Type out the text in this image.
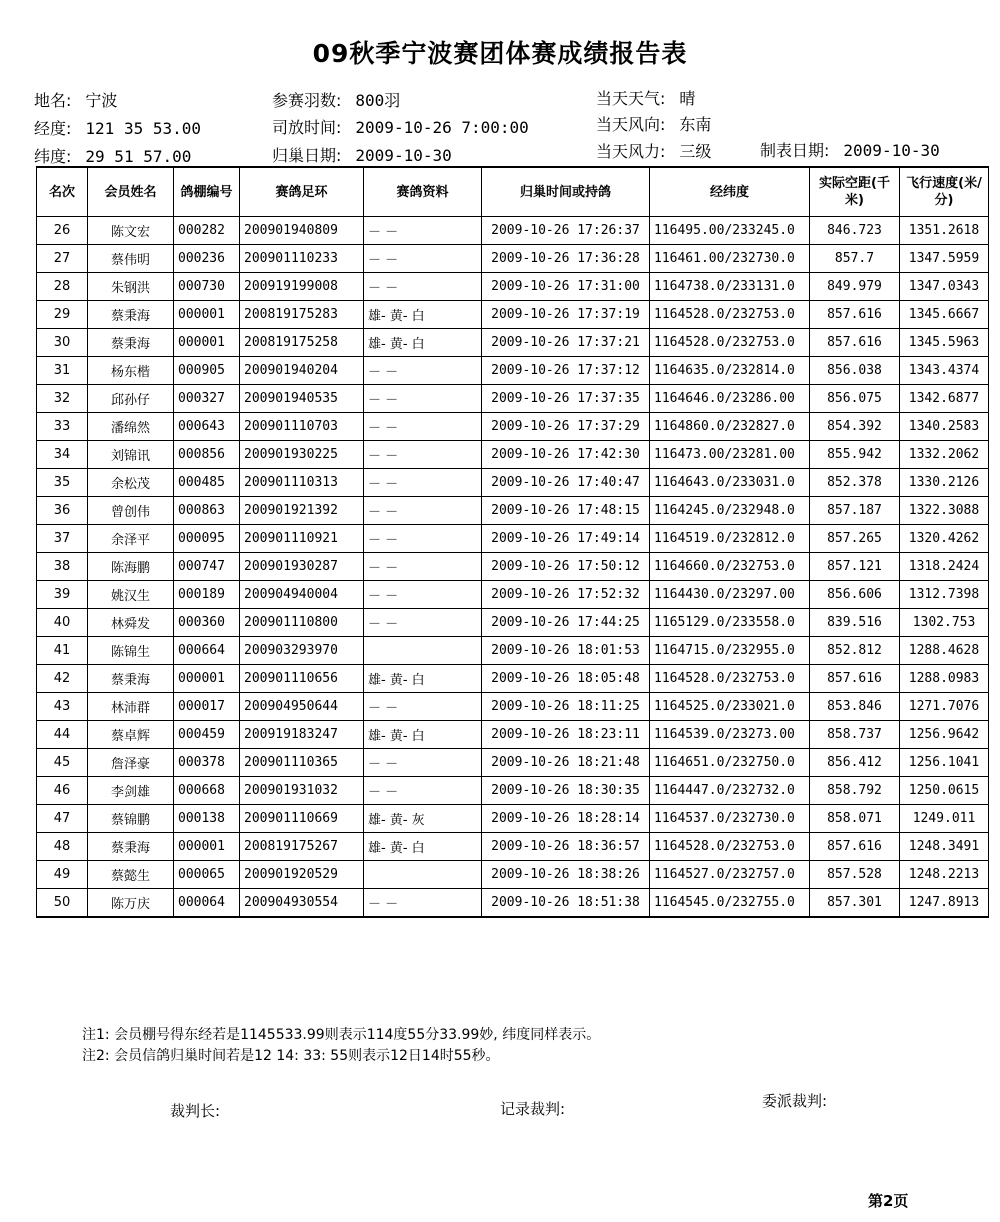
09秋季宁波赛团体赛成绩报告表
地名: 宁波	参赛羽数: 800羽	当天天气: 晴
经度: 121 35 53.00	司放时间: 2009-10-26 7:00:00	当天风向: 东南
纬度: 29 51 57.00	归巢日期: 2009-10-30	当天风力: 三级	制表日期: 2009-10-30
名次	会员姓名	鸽棚编号	赛鸽足环	赛鸽资料	归巢时间或持鸽	经纬度	实际空距(千米)	飞行速度(米/分)
26	陈文宏	000282	200901940809	－ －	2009-10-26 17:26:37	116495.00/233245.0	846.723	1351.2618
27	蔡伟明	000236	200901110233	－ －	2009-10-26 17:36:28	116461.00/232730.0	857.7	1347.5959
28	朱钢洪	000730	200919199008	－ －	2009-10-26 17:31:00	1164738.0/233131.0	849.979	1347.0343
29	蔡秉海	000001	200819175283	雄- 黄- 白	2009-10-26 17:37:19	1164528.0/232753.0	857.616	1345.6667
30	蔡秉海	000001	200819175258	雄- 黄- 白	2009-10-26 17:37:21	1164528.0/232753.0	857.616	1345.5963
31	杨东楷	000905	200901940204	－ －	2009-10-26 17:37:12	1164635.0/232814.0	856.038	1343.4374
32	邱孙仔	000327	200901940535	－ －	2009-10-26 17:37:35	1164646.0/23286.00	856.075	1342.6877
33	潘绵然	000643	200901110703	－ －	2009-10-26 17:37:29	1164860.0/232827.0	854.392	1340.2583
34	刘锦讯	000856	200901930225	－ －	2009-10-26 17:42:30	116473.00/23281.00	855.942	1332.2062
35	余松茂	000485	200901110313	－ －	2009-10-26 17:40:47	1164643.0/233031.0	852.378	1330.2126
36	曾创伟	000863	200901921392	－ －	2009-10-26 17:48:15	1164245.0/232948.0	857.187	1322.3088
37	余泽平	000095	200901110921	－ －	2009-10-26 17:49:14	1164519.0/232812.0	857.265	1320.4262
38	陈海鹏	000747	200901930287	－ －	2009-10-26 17:50:12	1164660.0/232753.0	857.121	1318.2424
39	姚汉生	000189	200904940004	－ －	2009-10-26 17:52:32	1164430.0/23297.00	856.606	1312.7398
40	林舜发	000360	200901110800	－ －	2009-10-26 17:44:25	1165129.0/233558.0	839.516	1302.753
41	陈锦生	000664	200903293970		2009-10-26 18:01:53	1164715.0/232955.0	852.812	1288.4628
42	蔡秉海	000001	200901110656	雄- 黄- 白	2009-10-26 18:05:48	1164528.0/232753.0	857.616	1288.0983
43	林沛群	000017	200904950644	－ －	2009-10-26 18:11:25	1164525.0/233021.0	853.846	1271.7076
44	蔡卓辉	000459	200919183247	雄- 黄- 白	2009-10-26 18:23:11	1164539.0/23273.00	858.737	1256.9642
45	詹泽豪	000378	200901110365	－ －	2009-10-26 18:21:48	1164651.0/232750.0	856.412	1256.1041
46	李剑雄	000668	200901931032	－ －	2009-10-26 18:30:35	1164447.0/232732.0	858.792	1250.0615
47	蔡锦鹏	000138	200901110669	雄- 黄- 灰	2009-10-26 18:28:14	1164537.0/232730.0	858.071	1249.011
48	蔡秉海	000001	200819175267	雄- 黄- 白	2009-10-26 18:36:57	1164528.0/232753.0	857.616	1248.3491
49	蔡懿生	000065	200901920529		2009-10-26 18:38:26	1164527.0/232757.0	857.528	1248.2213
50	陈万庆	000064	200904930554	－ －	2009-10-26 18:51:38	1164545.0/232755.0	857.301	1247.8913
注1: 会员棚号得东经若是1145533.99则表示114度55分33.99妙, 纬度同样表示。
注2: 会员信鸽归巢时间若是12 14: 33: 55则表示12日14时55秒。
裁判长:	记录裁判:	委派裁判:
第2页
